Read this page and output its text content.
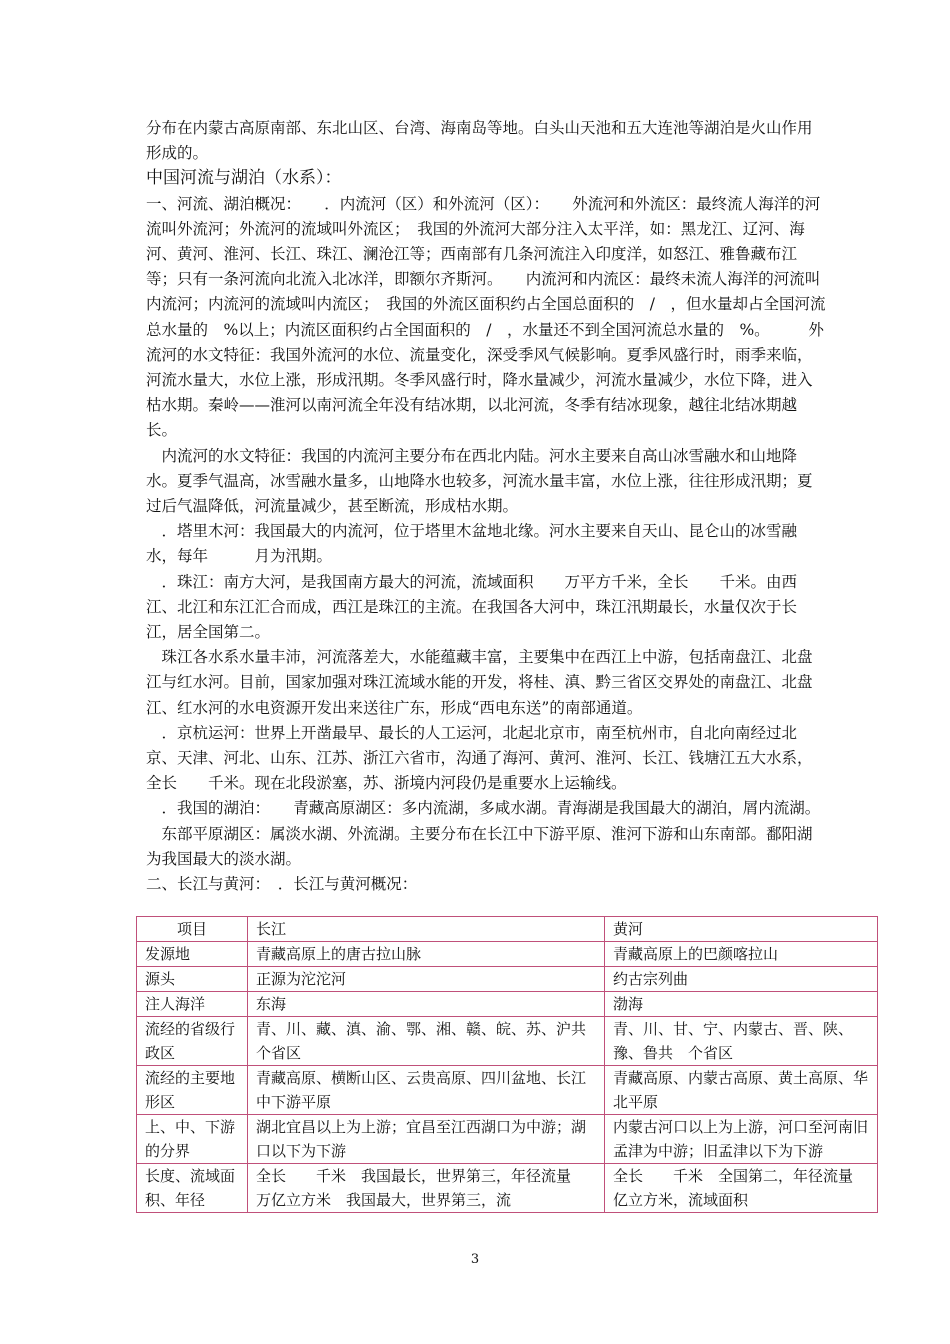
分布在内蒙古高原南部、东北山区、台湾、海南岛等地。白头山天池和五大连池等湖泊是火山作用形成的。

中国河流与湖泊（水系）：

一、河流、湖泊概况：　　．内流河（区）和外流河（区）：　　外流河和外流区：最终流人海洋的河流叫外流河；外流河的流域叫外流区；　我国的外流河大部分注入太平洋，如：黑龙江、辽河、海河、黄河、淮河、长江、珠江、澜沧江等；西南部有几条河流注入印度洋，如怒江、雅鲁藏布江等；只有一条河流向北流入北冰洋，即额尔齐斯河。　　内流河和内流区：最终未流人海洋的河流叫内流河；内流河的流域叫内流区；　我国的外流区面积约占全国总面积的　/　，但水量却占全国河流总水量的　%以上；内流区面积约占全国面积的　/　，水量还不到全国河流总水量的　%。　　　外流河的水文特征：我国外流河的水位、流量变化，深受季风气候影响。夏季风盛行时，雨季来临，河流水量大，水位上涨，形成汛期。冬季风盛行时，降水量减少，河流水量减少，水位下降，进入枯水期。秦岭——淮河以南河流全年没有结冰期，以北河流，冬季有结冰现象，越往北结冰期越长。

　内流河的水文特征：我国的内流河主要分布在西北内陆。河水主要来自高山冰雪融水和山地降水。夏季气温高，冰雪融水量多，山地降水也较多，河流水量丰富，水位上涨，往往形成汛期；夏过后气温降低，河流量减少，甚至断流，形成枯水期。

　．塔里木河：我国最大的内流河，位于塔里木盆地北缘。河水主要来自天山、昆仑山的冰雪融水，每年　　　月为汛期。

　．珠江：南方大河，是我国南方最大的河流，流域面积　　万平方千米，全长　　千米。由西江、北江和东江汇合而成，西江是珠江的主流。在我国各大河中，珠江汛期最长，水量仅次于长江，居全国第二。

　珠江各水系水量丰沛，河流落差大，水能蕴藏丰富，主要集中在西江上中游，包括南盘江、北盘江与红水河。目前，国家加强对珠江流域水能的开发，将桂、滇、黔三省区交界处的南盘江、北盘江、红水河的水电资源开发出来送往广东，形成“西电东送”的南部通道。

　．京杭运河：世界上开凿最早、最长的人工运河，北起北京市，南至杭州市，自北向南经过北京、天津、河北、山东、江苏、浙江六省市，沟通了海河、黄河、淮河、长江、钱塘江五大水系，全长　　千米。现在北段淤塞，苏、浙境内河段仍是重要水上运输线。

　．我国的湖泊：　　青藏高原湖区：多内流湖，多咸水湖。青海湖是我国最大的湖泊，屑内流湖。

　东部平原湖区：属淡水湖、外流湖。主要分布在长江中下游平原、淮河下游和山东南部。鄱阳湖为我国最大的淡水湖。

二、长江与黄河：　．长江与黄河概况：

项目	长江	黄河
发源地	青藏高原上的唐古拉山脉	青藏高原上的巴颜喀拉山
源头	正源为沱沱河	约古宗列曲
注人海洋	东海	渤海
流经的省级行政区	青、川、藏、滇、渝、鄂、湘、赣、皖、苏、沪共　个省区	青、川、甘、宁、内蒙古、晋、陕、豫、鲁共　个省区
流经的主要地形区	青藏高原、横断山区、云贵高原、四川盆地、长江中下游平原	青藏高原、内蒙古高原、黄土高原、华北平原
上、中、下游的分界	湖北宜昌以上为上游；宜昌至江西湖口为中游；湖口以下为下游	内蒙古河口以上为上游，河口至河南旧孟津为中游；旧孟津以下为下游
长度、流域面积、年径	全长　　千米　我国最长，世界第三，年径流量　万亿立方米　我国最大，世界第三，流	全长　　千米　全国第二，年径流量　　亿立方米，流域面积
3
